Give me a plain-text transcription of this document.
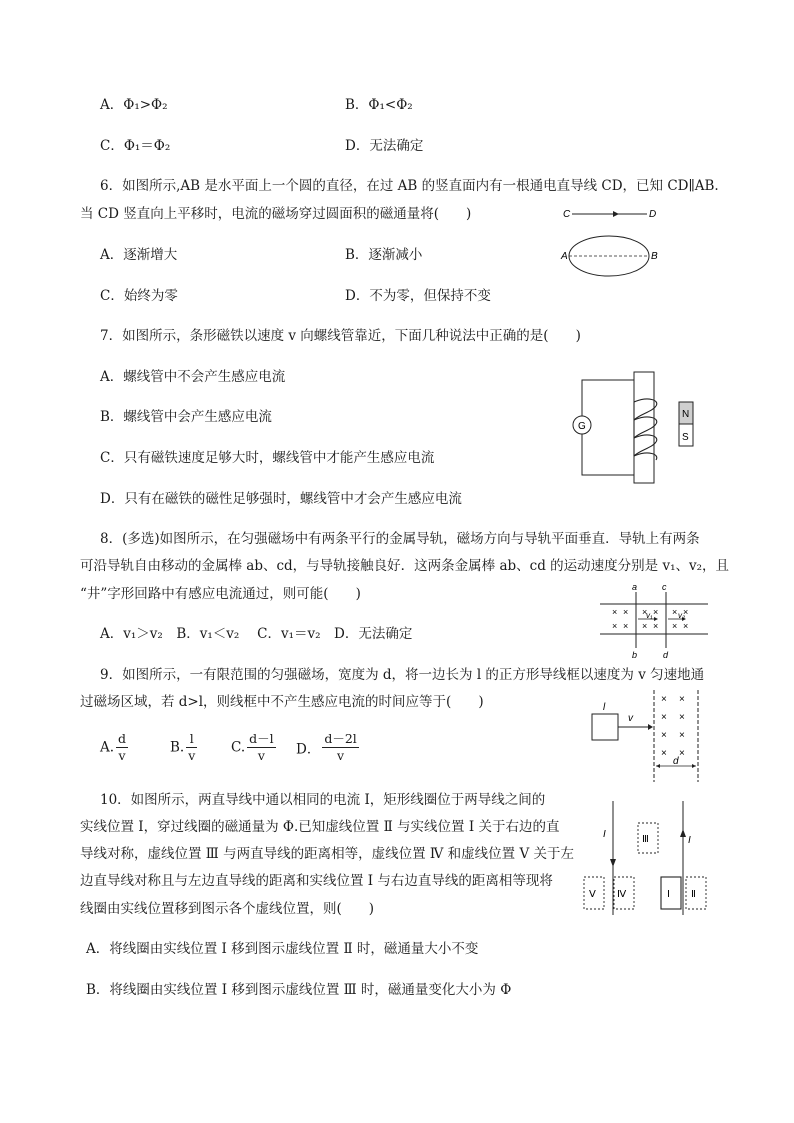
A．Φ₁>Φ₂	B．Φ₁<Φ₂
C．Φ₁＝Φ₂	D．无法确定
6．如图所示,AB 是水平面上一个圆的直径，在过 AB 的竖直面内有一根通电直导线 CD，已知 CD∥AB.
当 CD 竖直向上平移时，电流的磁场穿过圆面积的磁通量将(　　)
A．逐渐增大	B．逐渐减小
C．始终为零	D．不为零，但保持不变
C	D
A	B
7．如图所示，条形磁铁以速度 v 向螺线管靠近，下面几种说法中正确的是(　　)
A．螺线管中不会产生感应电流
B．螺线管中会产生感应电流
C．只有磁铁速度足够大时，螺线管中才能产生感应电流
D．只有在磁铁的磁性足够强时，螺线管中才会产生感应电流
G
N
S
8．(多选)如图所示，在匀强磁场中有两条平行的金属导轨，磁场方向与导轨平面垂直．导轨上有两条
可沿导轨自由移动的金属棒 ab、cd，与导轨接触良好．这两条金属棒 ab、cd 的运动速度分别是 v₁、v₂，且
“井”字形回路中有感应电流通过，则可能(　　)
A．v₁＞v₂　B．v₁＜v₂　 C．v₁＝v₂　D．无法确定
a	c
b	d
× × × × × ×
× × × × × ×
v₁	v₂
9．如图所示，一有限范围的匀强磁场，宽度为 d，将一边长为 l 的正方形导线框以速度为 v 匀速地通
过磁场区域，若 d>l，则线框中不产生感应电流的时间应等于(　　)
A. $\frac{d}{v}$	B. $\frac{l}{v} C$. $\frac{d-l}{v}$ D． $\frac{d-2l}{v}$
l
v
× ×
× ×
× ×
× ×
d
10．如图所示，两直导线中通以相同的电流 I，矩形线圈位于两导线之间的
实线位置 Ⅰ，穿过线圈的磁通量为 Φ.已知虚线位置 Ⅱ 与实线位置 Ⅰ 关于右边的直
导线对称，虚线位置 Ⅲ 与两直导线的距离相等，虚线位置 Ⅳ 和虚线位置 Ⅴ 关于左
边直导线对称且与左边直导线的距离和实线位置 Ⅰ 与右边直导线的距离相等现将
线圈由实线位置移到图示各个虚线位置，则(　　)
A．将线圈由实线位置 Ⅰ 移到图示虚线位置 Ⅱ 时，磁通量大小不变
B．将线圈由实线位置 Ⅰ 移到图示虚线位置 Ⅲ 时，磁通量变化大小为 Φ
I
I
Ⅲ
Ⅴ Ⅳ	Ⅰ Ⅱ
